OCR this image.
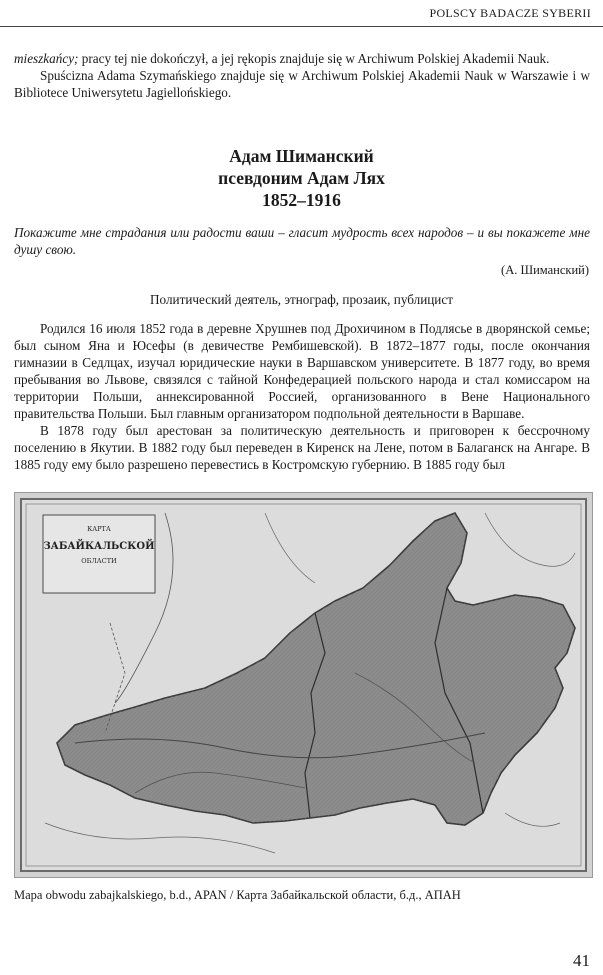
POLSCY BADACZE SYBERII

mieszkańcy; pracy tej nie dokończył, a jej rękopis znajduje się w Archiwum Polskiej Akademii Nauk.

Spuścizna Adama Szymańskiego znajduje się w Archiwum Polskiej Akademii Nauk w Warszawie i w Bibliotece Uniwersytetu Jagiellońskiego.

Адам Шиманский
псевдоним Адам Лях
1852–1916

Покажите мне страдания или радости ваши – гласит мудрость всех народов – и вы покажете мне душу свою.

(А. Шиманский)
Политический деятель, этнограф, прозаик, публицист

Родился 16 июля 1852 года в деревне Хрушнев под Дрохичином в Подлясье в дворянской семье; был сыном Яна и Юсефы (в девичестве Рембишевской). В 1872–1877 годы, после окончания гимназии в Седлцах, изучал юридические науки в Варшавском университете. В 1877 году, во время пребывания во Львове, связялся с тайной Конфедерацией польского народа и стал комиссаром на территории Польши, аннексированной Россией, организованного в Вене Национального правительства Польши. Был главным организатором подпольной деятельности в Варшаве.

В 1878 году был арестован за политическую деятельность и приговорен к бессрочному поселению в Якутии. В 1882 году был переведен в Киренск на Лене, потом в Балаганск на Ангаре. В 1885 году ему было разрешено перевестись в Костромскую губернию. В 1885 году был

КАРТА
ЗАБАЙКАЛЬСКОЙ
ОБЛАСТИ
Mapa obwodu zabajkalskiego, b.d., APAN / Карта Забайкальской области, б.д., АПАН
41
